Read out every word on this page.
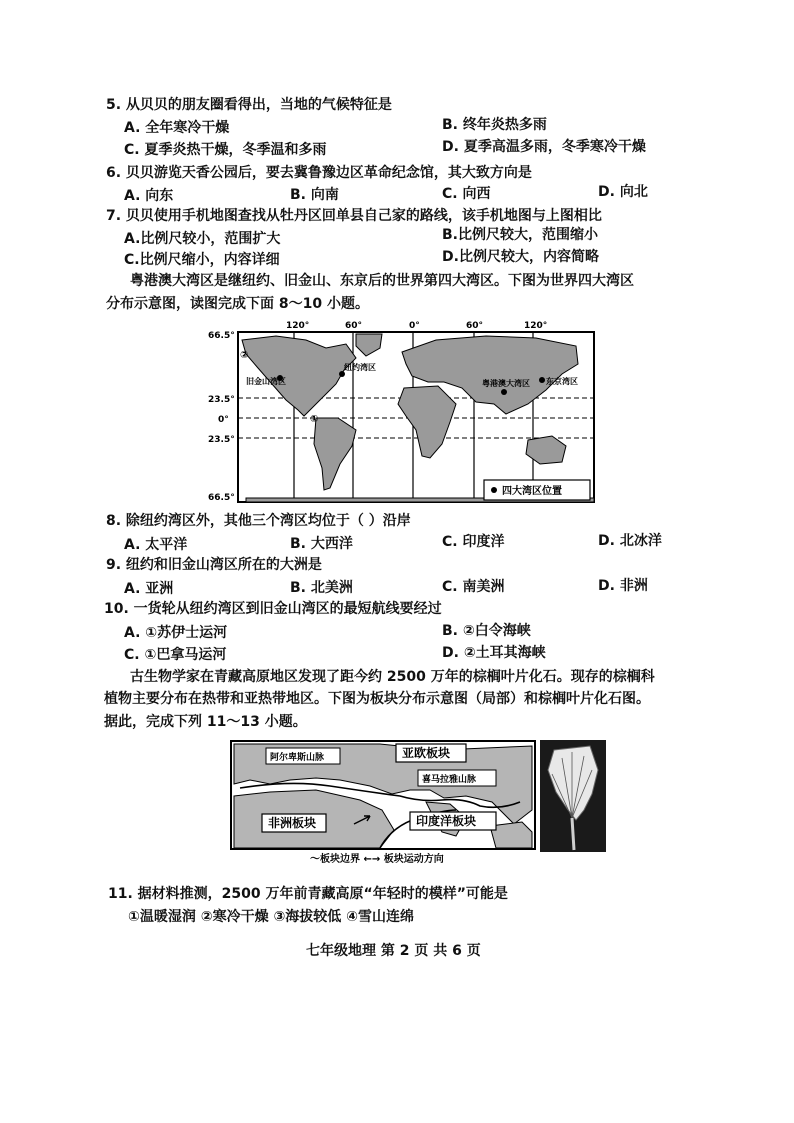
5. 从贝贝的朋友圈看得出，当地的气候特征是
A. 全年寒冷干燥	B. 终年炎热多雨
C. 夏季炎热干燥，冬季温和多雨	D. 夏季高温多雨，冬季寒冷干燥
6. 贝贝游览天香公园后，要去冀鲁豫边区革命纪念馆，其大致方向是
A. 向东	B. 向南	C. 向西	D. 向北
7. 贝贝使用手机地图查找从牡丹区回单县自己家的路线，该手机地图与上图相比
A.比例尺较小，范围扩大	B.比例尺较大，范围缩小
C.比例尺缩小，内容详细	D.比例尺较大，内容简略
粤港澳大湾区是继纽约、旧金山、东京后的世界第四大湾区。下图为世界四大湾区
分布示意图，读图完成下面 8～10 小题。
120°	60°	0°	60°	120°
66.5°
23.5°
0°
23.5°
66.5°
旧金山湾区
纽约湾区
粤港澳大湾区 东京湾区
①
②
四大湾区位置
8. 除纽约湾区外，其他三个湾区均位于（ ）沿岸
A. 太平洋	B. 大西洋	C. 印度洋	D. 北冰洋
9. 纽约和旧金山湾区所在的大洲是
A. 亚洲	B. 北美洲	C. 南美洲	D. 非洲
10. 一货轮从纽约湾区到旧金山湾区的最短航线要经过
A. ①苏伊士运河	B. ②白令海峡
C. ①巴拿马运河	D. ②土耳其海峡
古生物学家在青藏高原地区发现了距今约 2500 万年的棕榈叶片化石。现存的棕榈科
植物主要分布在热带和亚热带地区。下图为板块分布示意图（局部）和棕榈叶片化石图。
据此，完成下列 11～13 小题。
亚欧板块
阿尔卑斯山脉
喜马拉雅山脉
非洲板块	印度洋板块
～板块边界 ←→ 板块运动方向
11. 据材料推测，2500 万年前青藏高原“年轻时的模样”可能是
①温暖湿润 ②寒冷干燥 ③海拔较低 ④雪山连绵
七年级地理 第 2 页 共 6 页
